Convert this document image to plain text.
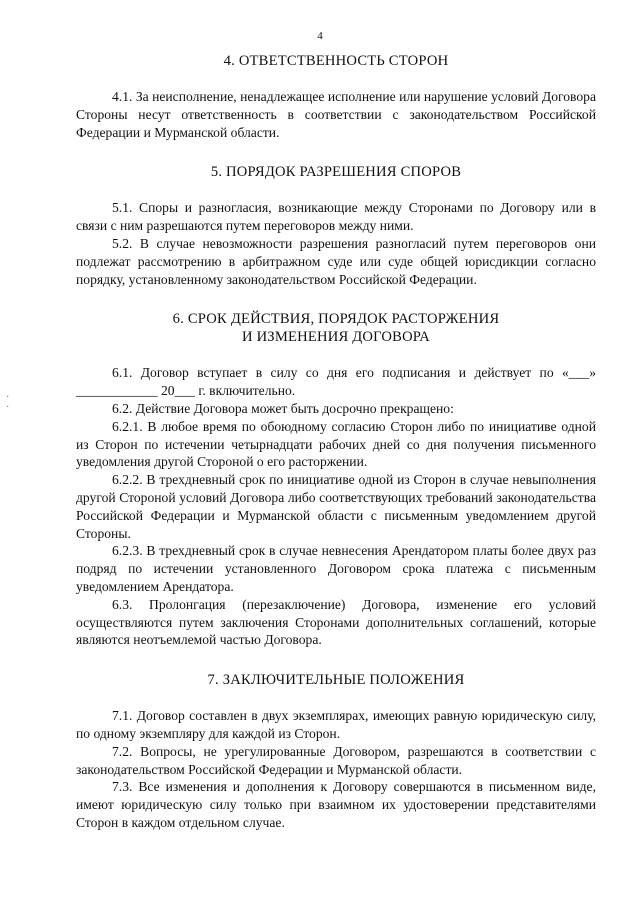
4
·
·
4. ОТВЕТСТВЕННОСТЬ СТОРОН

4.1. За неисполнение, ненадлежащее исполнение или нарушение условий Договора Стороны несут ответственность в соответствии с законодательством Российской Федерации и Мурманской области.

5. ПОРЯДОК РАЗРЕШЕНИЯ СПОРОВ

5.1. Споры и разногласия, возникающие между Сторонами по Договору или в связи с ним разрешаются путем переговоров между ними.

5.2. В случае невозможности разрешения разногласий путем переговоров они подлежат рассмотрению в арбитражном суде или суде общей юрисдикции согласно порядку, установленному законодательством Российской Федерации.

6. СРОК ДЕЙСТВИЯ, ПОРЯДОК РАСТОРЖЕНИЯ
И ИЗМЕНЕНИЯ ДОГОВОРА

6.1. Договор вступает в силу со дня его подписания и действует по «___» ____________ 20___ г. включительно.

6.2. Действие Договора может быть досрочно прекращено:

6.2.1. В любое время по обоюдному согласию Сторон либо по инициативе одной из Сторон по истечении четырнадцати рабочих дней со дня получения письменного уведомления другой Стороной о его расторжении.

6.2.2. В трехдневный срок по инициативе одной из Сторон в случае невыполнения другой Стороной условий Договора либо соответствующих требований законодательства Российской Федерации и Мурманской области с письменным уведомлением другой Стороны.

6.2.3. В трехдневный срок в случае невнесения Арендатором платы более двух раз подряд по истечении установленного Договором срока платежа с письменным уведомлением Арендатора.

6.3. Пролонгация (перезаключение) Договора, изменение его условий осуществляются путем заключения Сторонами дополнительных соглашений, которые являются неотъемлемой частью Договора.

7. ЗАКЛЮЧИТЕЛЬНЫЕ ПОЛОЖЕНИЯ

7.1. Договор составлен в двух экземплярах, имеющих равную юридическую силу, по одному экземпляру для каждой из Сторон.

7.2. Вопросы, не урегулированные Договором, разрешаются в соответствии с законодательством Российской Федерации и Мурманской области.

7.3. Все изменения и дополнения к Договору совершаются в письменном виде, имеют юридическую силу только при взаимном их удостоверении представителями Сторон в каждом отдельном случае.
